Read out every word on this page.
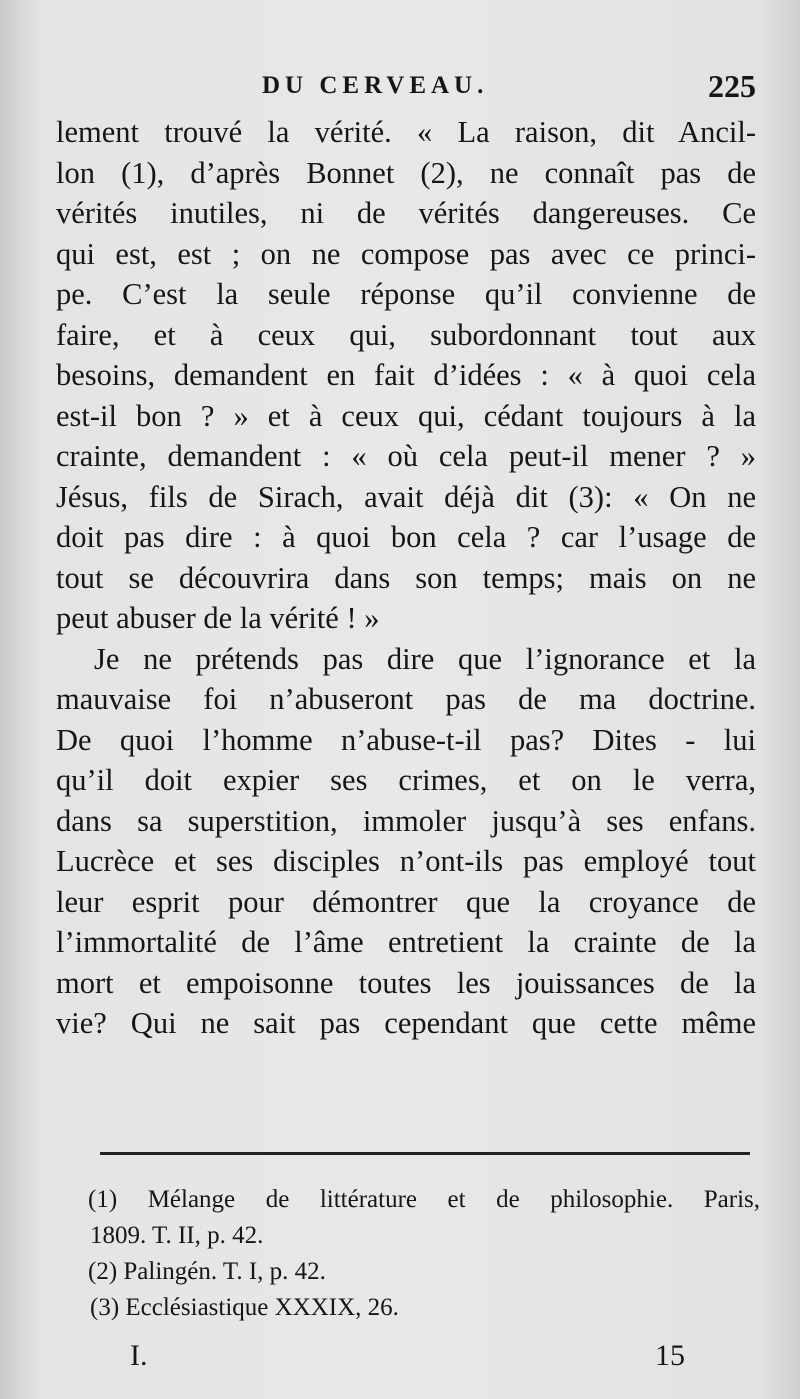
DU CERVEAU.	225
lement trouvé la vérité. « La raison, dit Ancil-
lon (1), d’après Bonnet (2), ne connaît pas de
vérités inutiles, ni de vérités dangereuses. Ce
qui est, est ; on ne compose pas avec ce princi-
pe. C’est la seule réponse qu’il convienne de
faire, et à ceux qui, subordonnant tout aux
besoins, demandent en fait d’idées : « à quoi cela
est-il bon ? » et à ceux qui, cédant toujours à la
crainte, demandent : « où cela peut-il mener ? »
Jésus, fils de Sirach, avait déjà dit (3): « On ne
doit pas dire : à quoi bon cela ? car l’usage de
tout se découvrira dans son temps; mais on ne
peut abuser de la vérité ! »
Je ne prétends pas dire que l’ignorance et la
mauvaise foi n’abuseront pas de ma doctrine.
De quoi l’homme n’abuse-t-il pas? Dites - lui
qu’il doit expier ses crimes, et on le verra,
dans sa superstition, immoler jusqu’à ses enfans.
Lucrèce et ses disciples n’ont-ils pas employé tout
leur esprit pour démontrer que la croyance de
l’immortalité de l’âme entretient la crainte de la
mort et empoisonne toutes les jouissances de la
vie? Qui ne sait pas cependant que cette même
(1) Mélange de littérature et de philosophie. Paris,
1809. T. II, p. 42.
(2) Palingén. T. I, p. 42.
(3) Ecclésiastique XXXIX, 26.
I.	15
